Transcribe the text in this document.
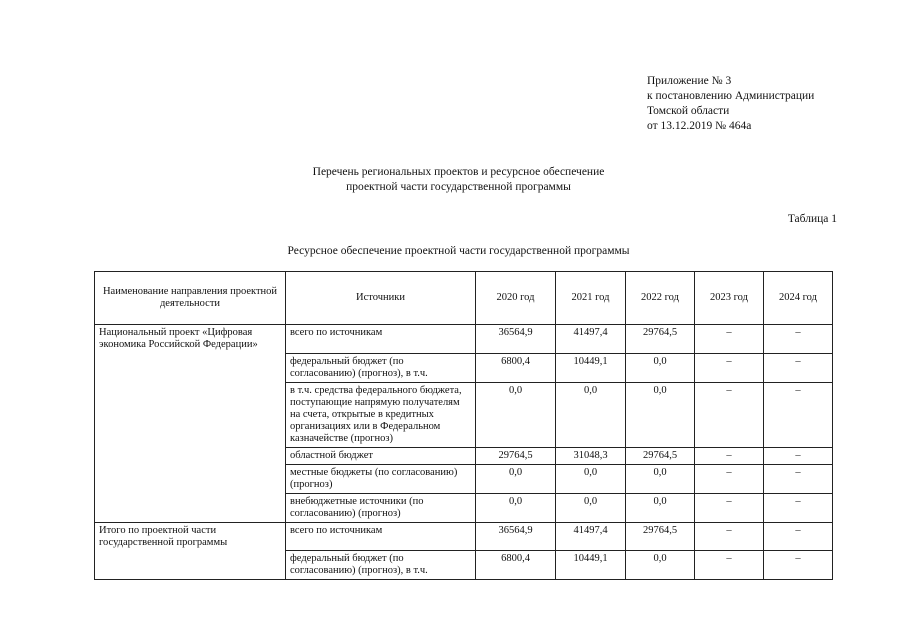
Приложение № 3
к постановлению Администрации
Томской области
от 13.12.2019 № 464а
Перечень региональных проектов и ресурсное обеспечение
проектной части государственной программы
Таблица 1
Ресурсное обеспечение проектной части государственной программы
Наименование направления проектной деятельности	Источники	2020 год	2021 год	2022 год	2023 год	2024 год
Национальный проект «Цифровая экономика Российской Федерации»	всего по источникам	36564,9	41497,4	29764,5	–	–
	федеральный бюджет (по согласованию) (прогноз), в т.ч.	6800,4	10449,1	0,0	–	–
	в т.ч. средства федерального бюджета, поступающие напрямую получателям на счета, открытые в кредитных организациях или в Федеральном казначействе (прогноз)	0,0	0,0	0,0	–	–
	областной бюджет	29764,5	31048,3	29764,5	–	–
	местные бюджеты (по согласованию) (прогноз)	0,0	0,0	0,0	–	–
	внебюджетные источники (по согласованию) (прогноз)	0,0	0,0	0,0	–	–
Итого по проектной части государственной программы	всего по источникам	36564,9	41497,4	29764,5	–	–
	федеральный бюджет (по согласованию) (прогноз), в т.ч.	6800,4	10449,1	0,0	–	–
